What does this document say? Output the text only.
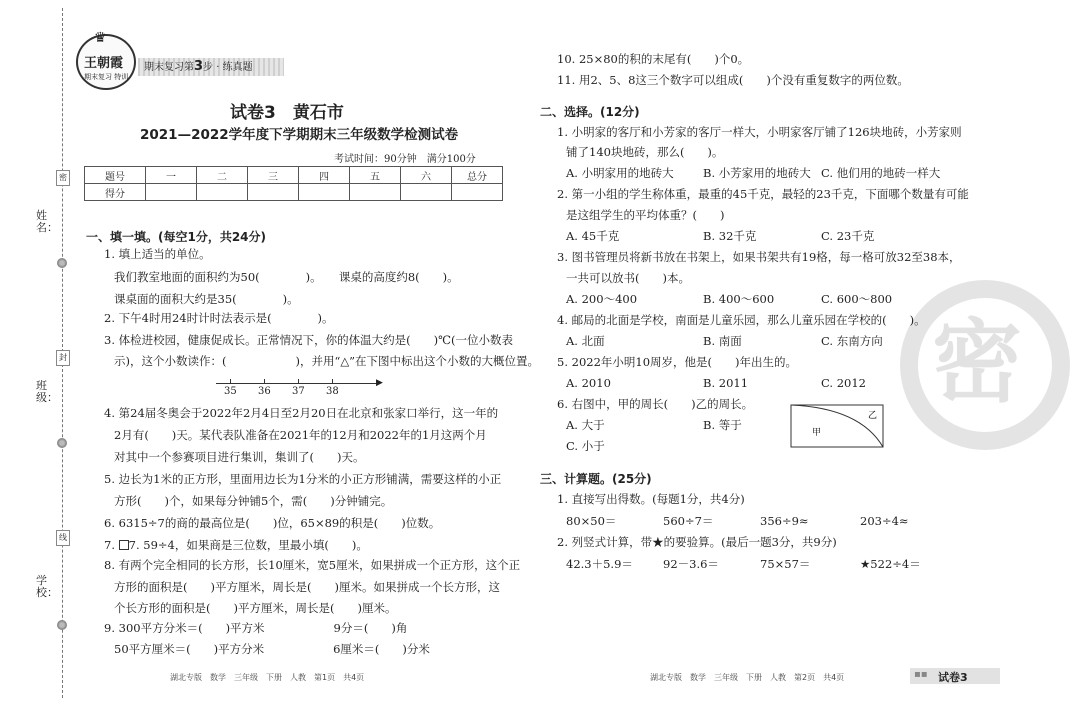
密
密
封
线
姓名：
班级：
学校：
♛
王朝霞
期末复习 特训
期末复习第3步 · 练真题
试卷3　黄石市
2021—2022学年度下学期期末三年级数学检测试卷
考试时间：90分钟　满分100分
题号	一	二	三	四	五	六	总分
得分							
一、填一填。(每空1分，共24分)
1. 填上适当的单位。
我们教室地面的面积约为50(　　　　)。　　课桌的高度约8(　　)。
课桌面的面积大约是35(　　　　)。
2. 下午4时用24时计时法表示是(　　　　)。
3. 体检进校园，健康促成长。正常情况下，你的体温大约是(　　)℃(一位小数表
示)，这个小数读作：(　　　　　　)，并用“△”在下图中标出这个小数的大概位置。
▶
35 36 37 38
4. 第24届冬奥会于2022年2月4日至2月20日在北京和张家口举行，这一年的
2月有(　　)天。某代表队准备在2021年的12月和2022年的1月这两个月
对其中一个参赛项目进行集训，集训了(　　)天。
5. 边长为1米的正方形，里面用边长为1分米的小正方形铺满，需要这样的小正
方形(　　)个，如果每分钟铺5个，需(　　)分钟铺完。
6. 6315÷7的商的最高位是(　　)位，65×89的积是(　　)位数。
7. 7. 59÷4，如果商是三位数，里最小填(　　)。
8. 有两个完全相同的长方形，长10厘米，宽5厘米，如果拼成一个正方形，这个正
方形的面积是(　　)平方厘米，周长是(　　)厘米。如果拼成一个长方形，这
个长方形的面积是(　　)平方厘米，周长是(　　)厘米。
9. 300平方分米＝(　　)平方米　　　　　　9分＝(　　)角
50平方厘米＝(　　)平方分米　　　　　　6厘米＝(　　)分米
湖北专版　数学　三年级　下册　人教　第1页　共4页
10. 25×80的积的末尾有(　　)个0。
11. 用2、5、8这三个数字可以组成(　　)个没有重复数字的两位数。
二、选择。(12分)
1. 小明家的客厅和小芳家的客厅一样大，小明家客厅铺了126块地砖，小芳家则
铺了140块地砖，那么(　　)。
A. 小明家用的地砖大	B. 小芳家用的地砖大 C. 他们用的地砖一样大
2. 第一小组的学生称体重，最重的45千克，最轻的23千克，下面哪个数量有可能
是这组学生的平均体重？(　　)
A. 45千克	B. 32千克	C. 23千克
3. 图书管理员将新书放在书架上，如果书架共有19格，每一格可放32至38本，
一共可以放书(　　)本。
A. 200～400	B. 400～600	C. 600～800
4. 邮局的北面是学校，南面是儿童乐园，那么儿童乐园在学校的(　　)。
A. 北面	B. 南面	C. 东南方向
5. 2022年小明10周岁，他是(　　)年出生的。
A. 2010	B. 2011	C. 2012
6. 右图中，甲的周长(　　)乙的周长。
A. 大于	B. 等于
C. 小于
甲
乙
三、计算题。(25分)
1. 直接写出得数。(每题1分，共4分)
80×50＝	560÷7＝	356÷9≈	203÷4≈
2. 列竖式计算，带★的要验算。(最后一题3分，共9分)
42.3＋5.9＝	92－3.6＝	75×57＝	★522÷4＝
湖北专版　数学　三年级　下册　人教　第2页　共4页	▪▪ 试卷3
